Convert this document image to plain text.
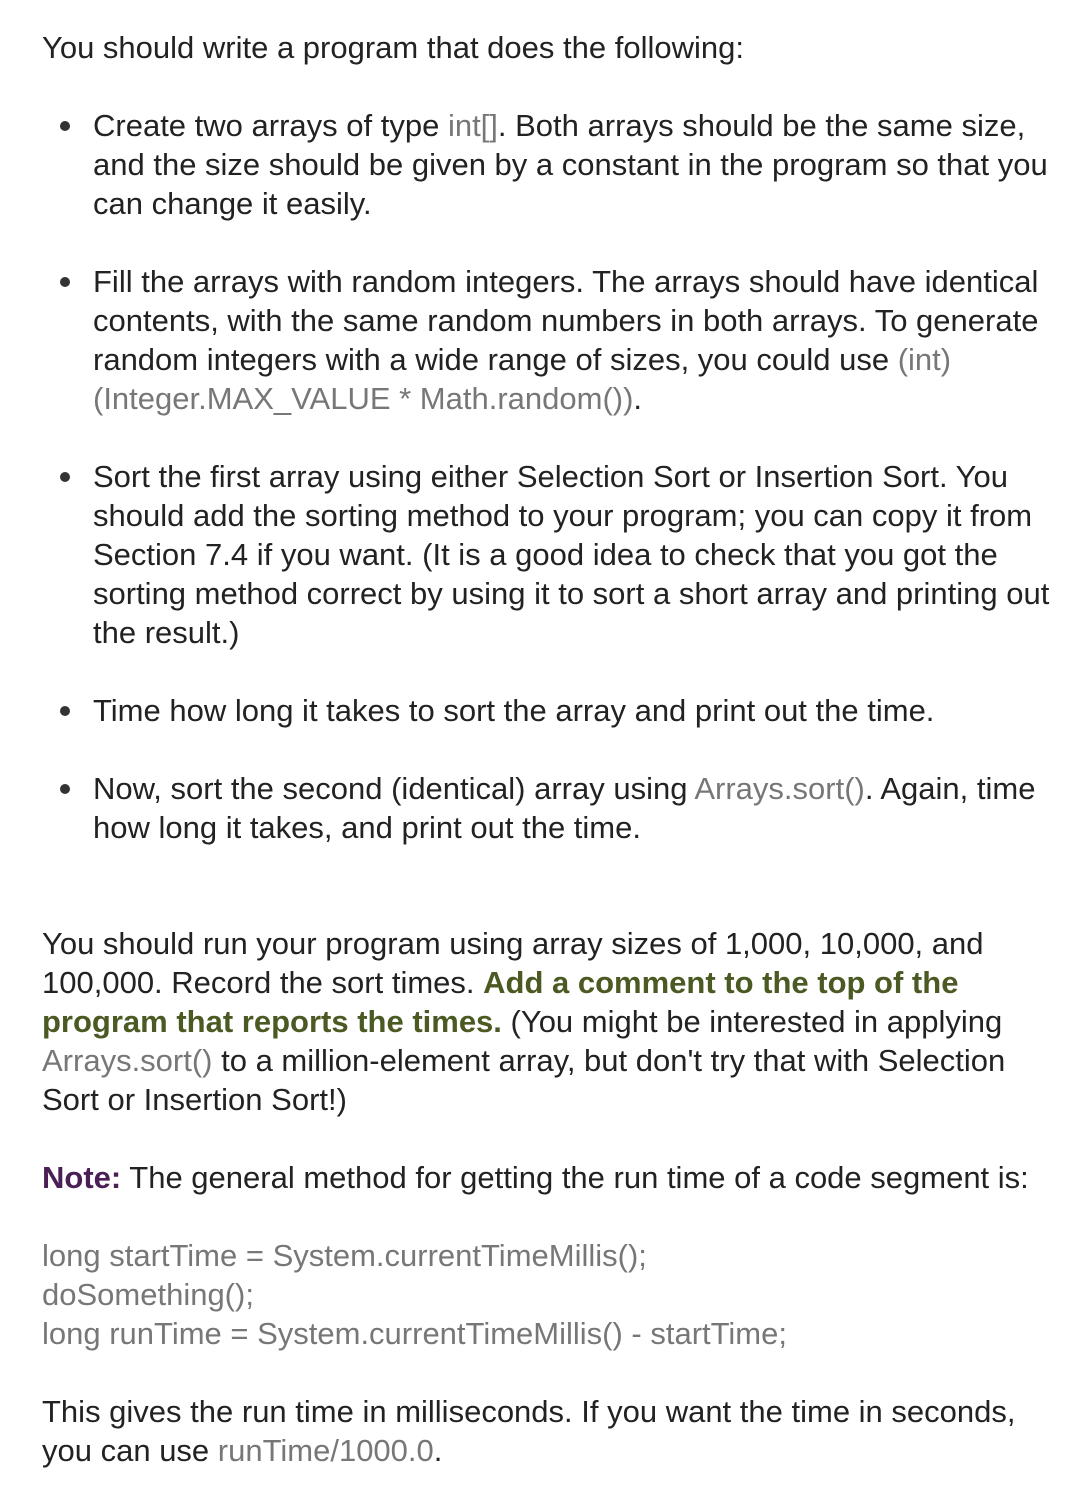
You should write a program that does the following:

Create two arrays of type int[]. Both arrays should be the same size, and the size should be given by a constant in the program so that you can change it easily.
Fill the arrays with random integers. The arrays should have identical contents, with the same random numbers in both arrays. To generate random integers with a wide range of sizes, you could use (int)(Integer.MAX_VALUE * Math.random()).
Sort the first array using either Selection Sort or Insertion Sort. You should add the sorting method to your program; you can copy it from Section 7.4 if you want. (It is a good idea to check that you got the sorting method correct by using it to sort a short array and printing out the result.)
Time how long it takes to sort the array and print out the time.
Now, sort the second (identical) array using Arrays.sort(). Again, time how long it takes, and print out the time.

You should run your program using array sizes of 1,000, 10,000, and 100,000. Record the sort times. Add a comment to the top of the program that reports the times. (You might be interested in applying Arrays.sort() to a million-element array, but don't try that with Selection Sort or Insertion Sort!)

Note: The general method for getting the run time of a code segment is:

long startTime = System.currentTimeMillis();
doSomething();
long runTime = System.currentTimeMillis() - startTime;

This gives the run time in milliseconds. If you want the time in seconds, you can use runTime/1000.0.
